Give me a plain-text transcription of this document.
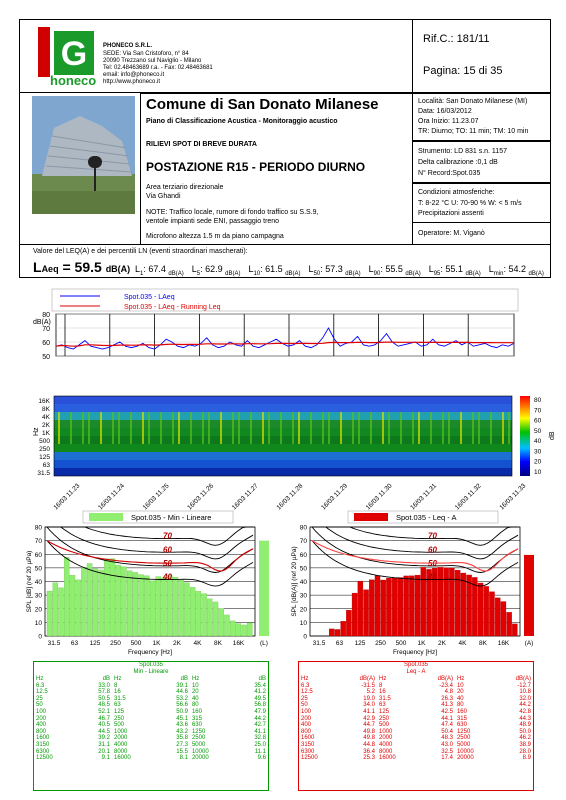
G
honeco
PHONECO S.R.L.
SEDE: Via San Cristoforo, n° 84
20090 Trezzano sul Naviglio - Milano
Tel: 02.48463689 r.a. - Fax: 02.48463681
email: info@phoneco.it
http://www.phoneco.it
Rif.C.: 181/11
Pagina: 15 di 35
Comune di San Donato Milanese
Piano di Classificazione Acustica - Monitoraggio acustico
RILIEVI SPOT DI BREVE DURATA
POSTAZIONE R15 - PERIODO DIURNO
Area terziario direzionale
Via Ghandi
NOTE: Traffico locale, rumore di fondo traffico su S.S.9,
ventole impianti sede ENI, passaggio treno
Microfono altezza 1.5 m da piano campagna
Località: San Donato Milanese (MI)
Data: 16/03/2012
Ora Inizio: 11.23.07
TR: Diurno; TO: 11 min; TM: 10 min
Strumento: LD 831 s.n. 1157
Delta calibrazione :0,1 dB
N° Record:Spot.035
Condizioni atmosferiche:
T: 8-22 °C U: 70-90 % W: < 5 m/s
Precipitazioni assenti
Operatore: M. Viganò
Valore del LEQ(A) e dei percentili LN (eventi straordinari mascherati):
LAeq = 59.5 dB(A) $L_1$: 67.4 $_{dB(A)}$ $L_5$: 62.9 $_{dB(A)}$ $L_{10}$: 61.5 $_{dB(A)}$ $L_{50}$: 57.3 $_{dB(A)}$ $L_{90}$: 55.5 $_{dB(A)}$ $L_{95}$: 55.1 $_{dB(A)}$ $L_{min}$: 54.2 $_{dB(A)}$
Spot.035 - LAeq
Spot.035 - LAeq - Running Leq
80
70
60
50
dB(A)
16K
8K
4K
2K
1K
500
250
125
63
31.5
Hz
80
70
60
50
40
30
20
10
dB
16/03 11.23 16/03 11.24 16/03 11.25 16/03 11.26 16/03 11.27 16/03 11.28 16/03 11.29 16/03 11.30 16/03 11.31 16/03 11.32 16/03 11.33
Spot.035 - Min - Lineare
80
70
60
50
40
30
20
10
0
70
60
50
40
31.5 63 125 250 500 1K 2K 4K 8K 16K (L)
Frequency [Hz]
SPL [dB] (ref 20 µPa)
Spot.035 - Leq - A
80
70
60
50
40
30
20
10
0
70
60
50
40
31.5 63 125 250 500 1K 2K 4K 8K 16K (A)
Frequency [Hz]
SPL [dB(A)] (ref 20 µPa)
Spot.035
Min - Lineare
Hz	dB	Hz	dB	Hz	dB
6.3	33.0	8	39.1	10	35.4
12.5	57.8	16	44.6	20	41.2
25	50.5	31.5	53.2	40	49.5
50	48.5	63	56.6	80	56.8
100	52.1	125	50.9	160	47.9
200	46.7	250	45.1	315	44.2
400	40.5	500	43.6	630	42.7
800	44.5	1000	43.2	1250	41.1
1600	39.2	2000	35.8	2500	32.8
3150	31.1	4000	27.3	5000	25.0
6300	20.1	8000	15.5	10000	11.1
12500	9.1	16000	8.1	20000	9.6
Spot.035
Leq - A
Hz	dB(A)	Hz	dB(A)	Hz	dB(A)
6.3	-31.5	8	-23.4	10	-12.7
12.5	5.2	16	4.8	20	10.8
25	19.0	31.5	26.3	40	32.0
50	34.0	63	41.3	80	44.2
100	41.1	125	42.5	160	42.8
200	42.9	250	44.1	315	44.3
400	44.7	500	47.4	630	48.9
800	49.8	1000	50.4	1250	50.0
1600	49.8	2000	48.3	2500	46.2
3150	44.8	4000	43.0	5000	38.9
6300	36.4	8000	32.5	10000	28.0
12500	25.3	16000	17.4	20000	8.9
